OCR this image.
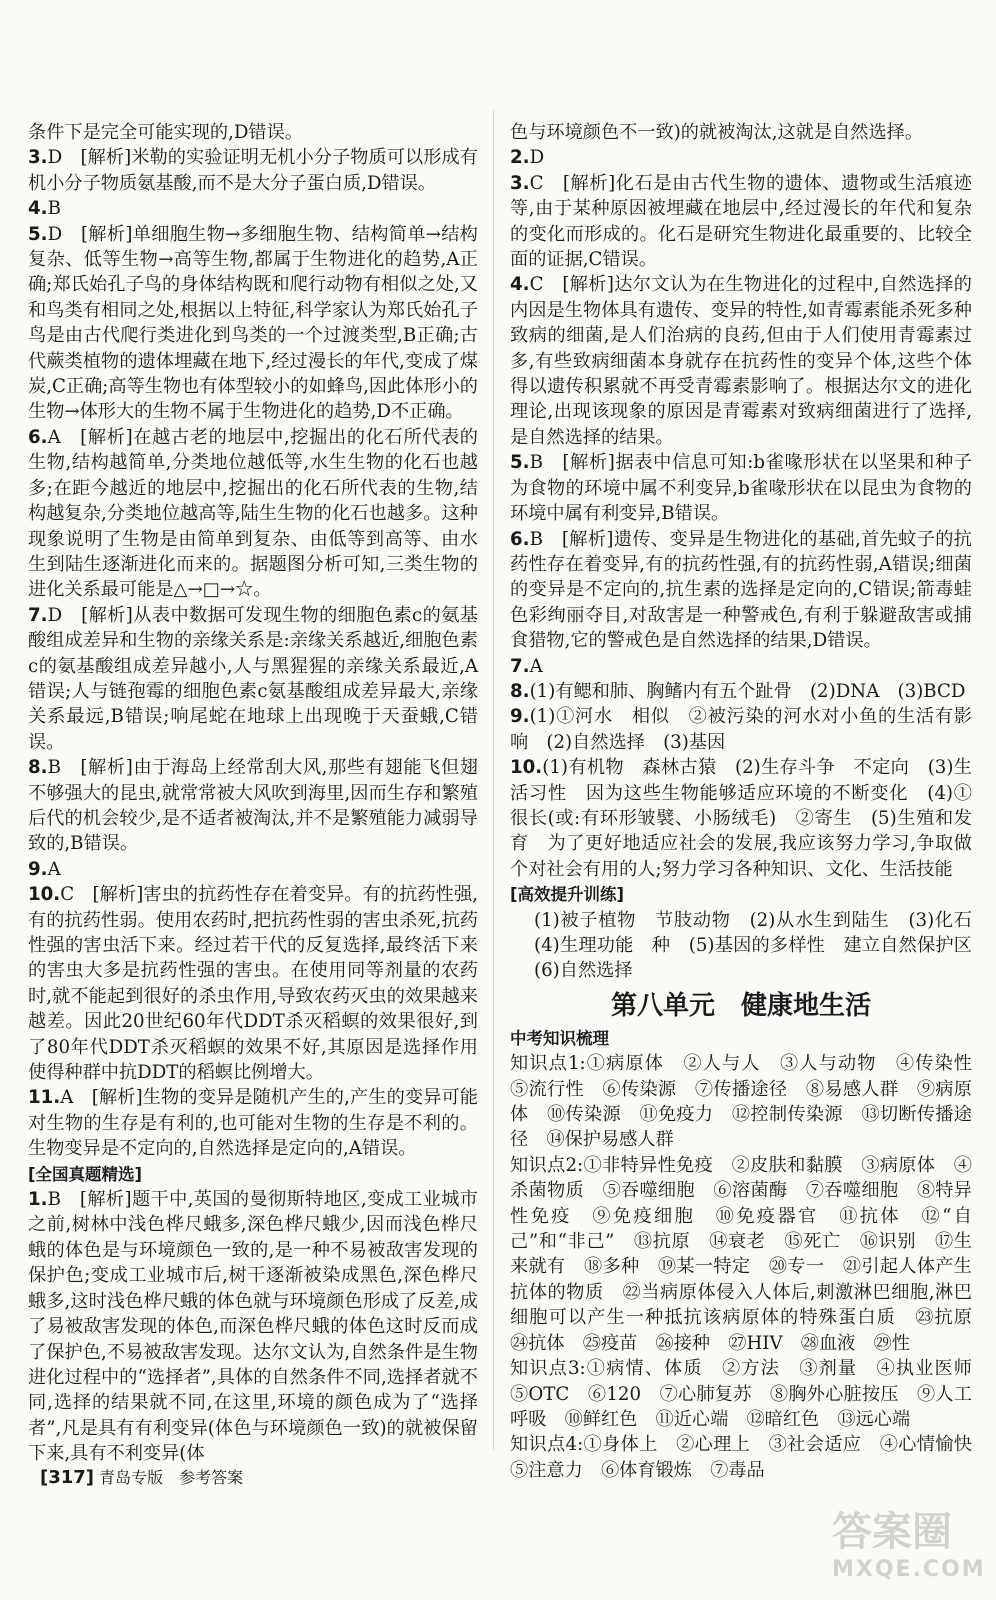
条件下是完全可能实现的,D错误。

3.D　[解析]米勒的实验证明无机小分子物质可以形成有机小分子物质氨基酸,而不是大分子蛋白质,D错误。

4.B

5.D　[解析]单细胞生物→多细胞生物、结构简单→结构复杂、低等生物→高等生物,都属于生物进化的趋势,A正确;郑氏始孔子鸟的身体结构既和爬行动物有相似之处,又和鸟类有相同之处,根据以上特征,科学家认为郑氏始孔子鸟是由古代爬行类进化到鸟类的一个过渡类型,B正确;古代蕨类植物的遗体埋藏在地下,经过漫长的年代,变成了煤炭,C正确;高等生物也有体型较小的如蜂鸟,因此体形小的生物→体形大的生物不属于生物进化的趋势,D不正确。

6.A　[解析]在越古老的地层中,挖掘出的化石所代表的生物,结构越简单,分类地位越低等,水生生物的化石也越多;在距今越近的地层中,挖掘出的化石所代表的生物,结构越复杂,分类地位越高等,陆生生物的化石也越多。这种现象说明了生物是由简单到复杂、由低等到高等、由水生到陆生逐渐进化而来的。据题图分析可知,三类生物的进化关系最可能是△→□→☆。

7.D　[解析]从表中数据可发现生物的细胞色素c的氨基酸组成差异和生物的亲缘关系是:亲缘关系越近,细胞色素c的氨基酸组成差异越小,人与黑猩猩的亲缘关系最近,A错误;人与链孢霉的细胞色素c氨基酸组成差异最大,亲缘关系最远,B错误;响尾蛇在地球上出现晚于天蚕蛾,C错误。

8.B　[解析]由于海岛上经常刮大风,那些有翅能飞但翅不够强大的昆虫,就常常被大风吹到海里,因而生存和繁殖后代的机会较少,是不适者被淘汰,并不是繁殖能力减弱导致的,B错误。

9.A

10.C　[解析]害虫的抗药性存在着变异。有的抗药性强,有的抗药性弱。使用农药时,把抗药性弱的害虫杀死,抗药性强的害虫活下来。经过若干代的反复选择,最终活下来的害虫大多是抗药性强的害虫。在使用同等剂量的农药时,就不能起到很好的杀虫作用,导致农药灭虫的效果越来越差。因此20世纪60年代DDT杀灭稻螟的效果很好,到了80年代DDT杀灭稻螟的效果不好,其原因是选择作用使得种群中抗DDT的稻螟比例增大。

11.A　[解析]生物的变异是随机产生的,产生的变异可能对生物的生存是有利的,也可能对生物的生存是不利的。生物变异是不定向的,自然选择是定向的,A错误。

[全国真题精选]

1.B　[解析]题干中,英国的曼彻斯特地区,变成工业城市之前,树林中浅色桦尺蛾多,深色桦尺蛾少,因而浅色桦尺蛾的体色是与环境颜色一致的,是一种不易被敌害发现的保护色;变成工业城市后,树干逐渐被染成黑色,深色桦尺蛾多,这时浅色桦尺蛾的体色就与环境颜色形成了反差,成了易被敌害发现的体色,而深色桦尺蛾的体色这时反而成了保护色,不易被敌害发现。达尔文认为,自然条件是生物进化过程中的“选择者”,具体的自然条件不同,选择者就不同,选择的结果就不同,在这里,环境的颜色成为了“选择者”,凡是具有有利变异(体色与环境颜色一致)的就被保留下来,具有不利变异(体

色与环境颜色不一致)的就被淘汰,这就是自然选择。

2.D

3.C　[解析]化石是由古代生物的遗体、遗物或生活痕迹等,由于某种原因被埋藏在地层中,经过漫长的年代和复杂的变化而形成的。化石是研究生物进化最重要的、比较全面的证据,C错误。

4.C　[解析]达尔文认为在生物进化的过程中,自然选择的内因是生物体具有遗传、变异的特性,如青霉素能杀死多种致病的细菌,是人们治病的良药,但由于人们使用青霉素过多,有些致病细菌本身就存在抗药性的变异个体,这些个体得以遗传积累就不再受青霉素影响了。根据达尔文的进化理论,出现该现象的原因是青霉素对致病细菌进行了选择,是自然选择的结果。

5.B　[解析]据表中信息可知:b雀喙形状在以坚果和种子为食物的环境中属不利变异,b雀喙形状在以昆虫为食物的环境中属有利变异,B错误。

6.B　[解析]遗传、变异是生物进化的基础,首先蚊子的抗药性存在着变异,有的抗药性强,有的抗药性弱,A错误;细菌的变异是不定向的,抗生素的选择是定向的,C错误;箭毒蛙色彩绚丽夺目,对敌害是一种警戒色,有利于躲避敌害或捕食猎物,它的警戒色是自然选择的结果,D错误。

7.A

8.(1)有鳃和肺、胸鳍内有五个趾骨　(2)DNA　(3)BCD

9.(1)①河水　相似　②被污染的河水对小鱼的生活有影响　(2)自然选择　(3)基因

10.(1)有机物　森林古猿　(2)生存斗争　不定向　(3)生活习性　因为这些生物能够适应环境的不断变化　(4)①很长(或:有环形皱襞、小肠绒毛)　②寄生　(5)生殖和发育　为了更好地适应社会的发展,我应该努力学习,争取做个对社会有用的人;努力学习各种知识、文化、生活技能

[高效提升训练]

(1)被子植物　节肢动物　(2)从水生到陆生　(3)化石　(4)生理功能　种　(5)基因的多样性　建立自然保护区　(6)自然选择

第八单元　健康地生活

中考知识梳理

知识点1:①病原体　②人与人　③人与动物　④传染性　⑤流行性　⑥传染源　⑦传播途径　⑧易感人群　⑨病原体　⑩传染源　⑪免疫力　⑫控制传染源　⑬切断传播途径　⑭保护易感人群

知识点2:①非特异性免疫　②皮肤和黏膜　③病原体　④杀菌物质　⑤吞噬细胞　⑥溶菌酶　⑦吞噬细胞　⑧特异性免疫　⑨免疫细胞　⑩免疫器官　⑪抗体　⑫“自己”和“非己”　⑬抗原　⑭衰老　⑮死亡　⑯识别　⑰生来就有　⑱多种　⑲某一特定　⑳专一　㉑引起人体产生抗体的物质　㉒当病原体侵入人体后,刺激淋巴细胞,淋巴细胞可以产生一种抵抗该病原体的特殊蛋白质　㉓抗原　㉔抗体　㉕疫苗　㉖接种　㉗HIV　㉘血液　㉙性

知识点3:①病情、体质　②方法　③剂量　④执业医师　⑤OTC　⑥120　⑦心肺复苏　⑧胸外心脏按压　⑨人工呼吸　⑩鲜红色　⑪近心端　⑫暗红色　⑬远心端

知识点4:①身体上　②心理上　③社会适应　④心情愉快　⑤注意力　⑥体育锻炼　⑦毒品

[317] 青岛专版　参考答案
答案圈
MXQE.COM
